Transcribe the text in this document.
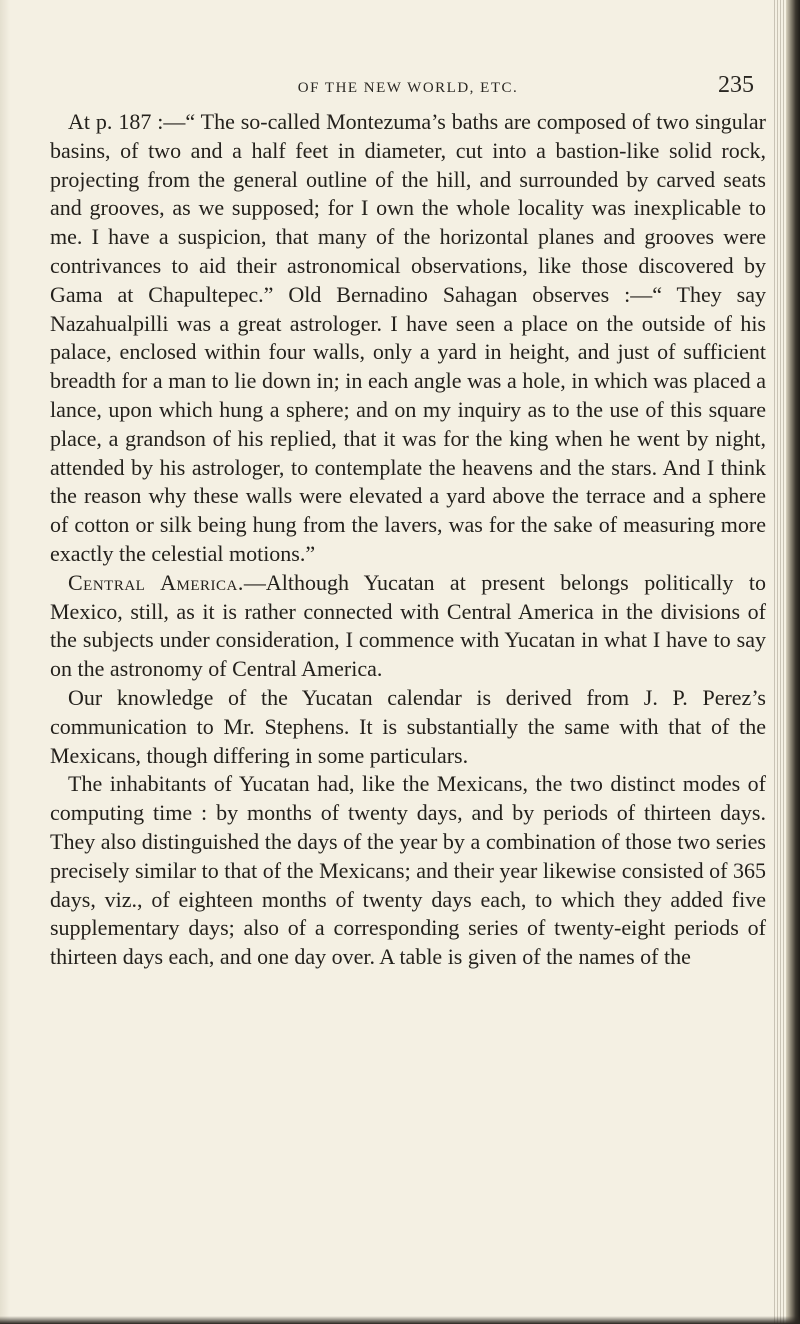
OF THE NEW WORLD, ETC.	235

At p. 187 :—“ The so-called Montezuma’s baths are composed of two singular basins, of two and a half feet in diameter, cut into a bastion-like solid rock, projecting from the general outline of the hill, and surrounded by carved seats and grooves, as we supposed; for I own the whole locality was inexplicable to me. I have a suspicion, that many of the horizontal planes and grooves were contrivances to aid their astronomical observations, like those discovered by Gama at Chapultepec.” Old Bernadino Sahagan observes :—“ They say Nazahualpilli was a great astrologer. I have seen a place on the outside of his palace, enclosed within four walls, only a yard in height, and just of sufficient breadth for a man to lie down in; in each angle was a hole, in which was placed a lance, upon which hung a sphere; and on my inquiry as to the use of this square place, a grandson of his replied, that it was for the king when he went by night, attended by his astrologer, to contemplate the heavens and the stars. And I think the reason why these walls were elevated a yard above the terrace and a sphere of cotton or silk being hung from the lavers, was for the sake of measuring more exactly the celestial motions.”

Central America.—Although Yucatan at present belongs politically to Mexico, still, as it is rather connected with Central America in the divisions of the subjects under consideration, I commence with Yucatan in what I have to say on the astronomy of Central America.

Our knowledge of the Yucatan calendar is derived from J. P. Perez’s communication to Mr. Stephens. It is substantially the same with that of the Mexicans, though differing in some particulars.

The inhabitants of Yucatan had, like the Mexicans, the two distinct modes of computing time : by months of twenty days, and by periods of thirteen days. They also distinguished the days of the year by a combination of those two series precisely similar to that of the Mexicans; and their year likewise consisted of 365 days, viz., of eighteen months of twenty days each, to which they added five supplementary days; also of a corresponding series of twenty-eight periods of thirteen days each, and one day over. A table is given of the names of the
